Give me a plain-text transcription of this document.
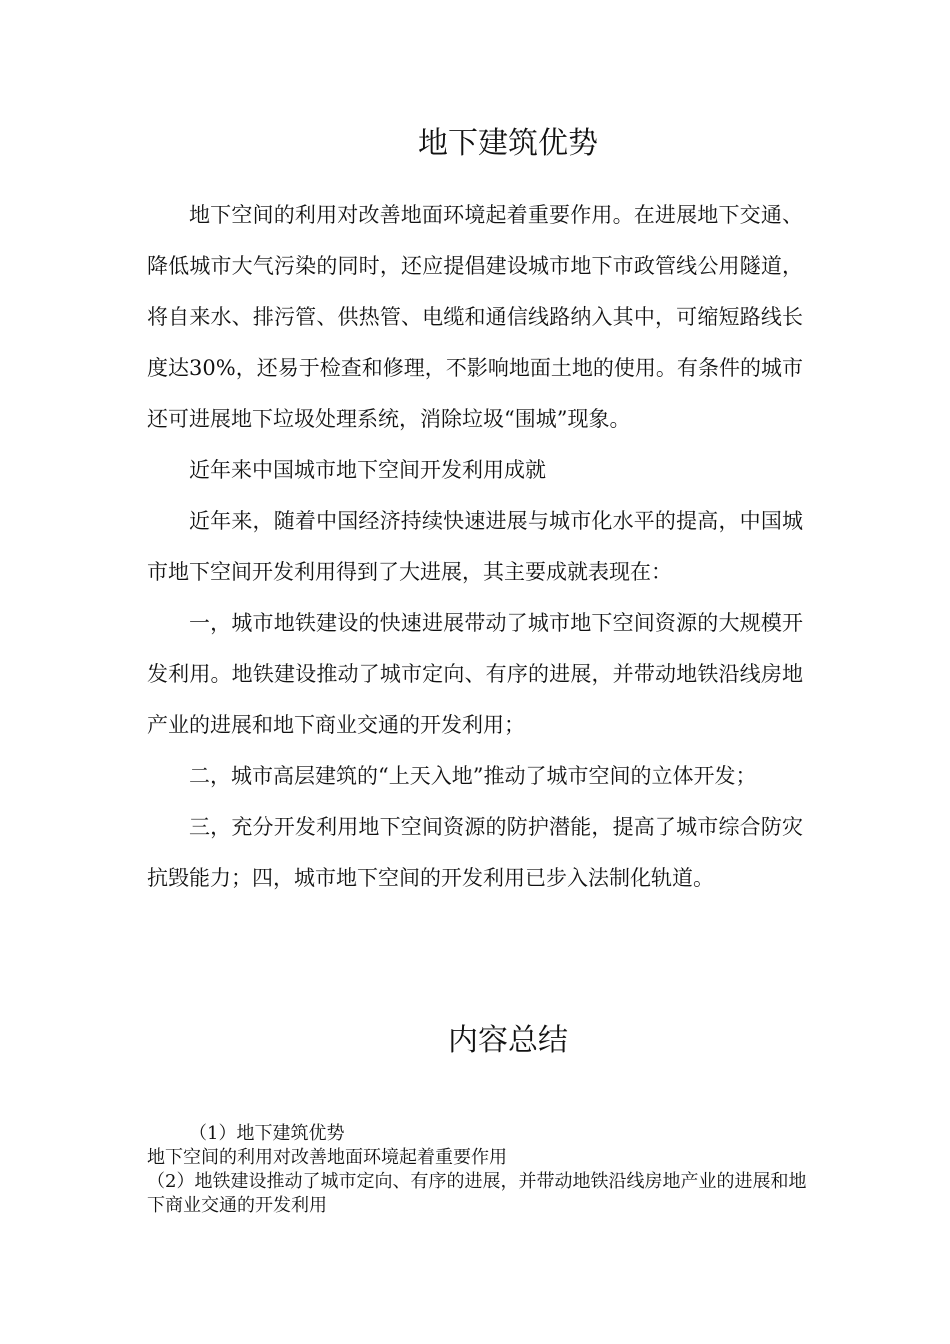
地下建筑优势

地下空间的利用对改善地面环境起着重要作用。在进展地下交通、降低城市大气污染的同时，还应提倡建设城市地下市政管线公用隧道，将自来水、排污管、供热管、电缆和通信线路纳入其中，可缩短路线长度达30%，还易于检查和修理，不影响地面土地的使用。有条件的城市还可进展地下垃圾处理系统，消除垃圾“围城”现象。

近年来中国城市地下空间开发利用成就

近年来，随着中国经济持续快速进展与城市化水平的提高，中国城市地下空间开发利用得到了大进展，其主要成就表现在：

一，城市地铁建设的快速进展带动了城市地下空间资源的大规模开发利用。地铁建设推动了城市定向、有序的进展，并带动地铁沿线房地产业的进展和地下商业交通的开发利用；

二，城市高层建筑的“上天入地”推动了城市空间的立体开发；

三，充分开发利用地下空间资源的防护潜能，提高了城市综合防灾抗毁能力；四，城市地下空间的开发利用已步入法制化轨道。

内容总结

（1）地下建筑优势

地下空间的利用对改善地面环境起着重要作用

（2）地铁建设推动了城市定向、有序的进展，并带动地铁沿线房地产业的进展和地下商业交通的开发利用
